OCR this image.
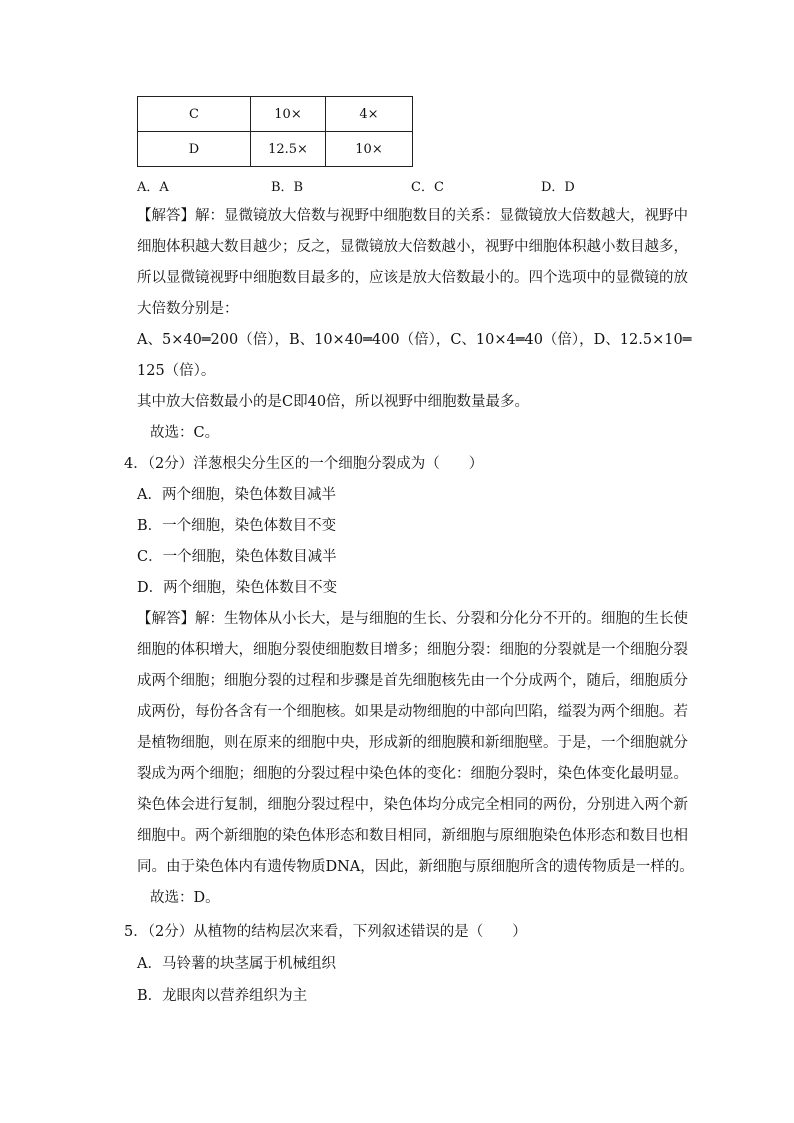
C	10×	4×
D	12.5×	10×
A．A	B．B	C．C	D．D
【解答】解：显微镜放大倍数与视野中细胞数目的关系：显微镜放大倍数越大，视野中
细胞体积越大数目越少；反之，显微镜放大倍数越小，视野中细胞体积越小数目越多，
所以显微镜视野中细胞数目最多的，应该是放大倍数最小的。四个选项中的显微镜的放
大倍数分别是：
A、5×40═200（倍），B、10×40═400（倍），C、10×4═40（倍），D、12.5×10═
125（倍）。
其中放大倍数最小的是C即40倍，所以视野中细胞数量最多。
故选：C。
4．（2分）洋葱根尖分生区的一个细胞分裂成为（　　）
A．两个细胞，染色体数目减半
B．一个细胞，染色体数目不变
C．一个细胞，染色体数目减半
D．两个细胞，染色体数目不变
【解答】解：生物体从小长大，是与细胞的生长、分裂和分化分不开的。细胞的生长使
细胞的体积增大，细胞分裂使细胞数目增多；细胞分裂：细胞的分裂就是一个细胞分裂
成两个细胞；细胞分裂的过程和步骤是首先细胞核先由一个分成两个，随后，细胞质分
成两份，每份各含有一个细胞核。如果是动物细胞的中部向凹陷，缢裂为两个细胞。若
是植物细胞，则在原来的细胞中央，形成新的细胞膜和新细胞壁。于是，一个细胞就分
裂成为两个细胞；细胞的分裂过程中染色体的变化：细胞分裂时，染色体变化最明显。
染色体会进行复制，细胞分裂过程中，染色体均分成完全相同的两份，分别进入两个新
细胞中。两个新细胞的染色体形态和数目相同，新细胞与原细胞染色体形态和数目也相
同。由于染色体内有遗传物质DNA，因此，新细胞与原细胞所含的遗传物质是一样的。
故选：D。
5．（2分）从植物的结构层次来看，下列叙述错误的是（　　）
A．马铃薯的块茎属于机械组织
B．龙眼肉以营养组织为主
